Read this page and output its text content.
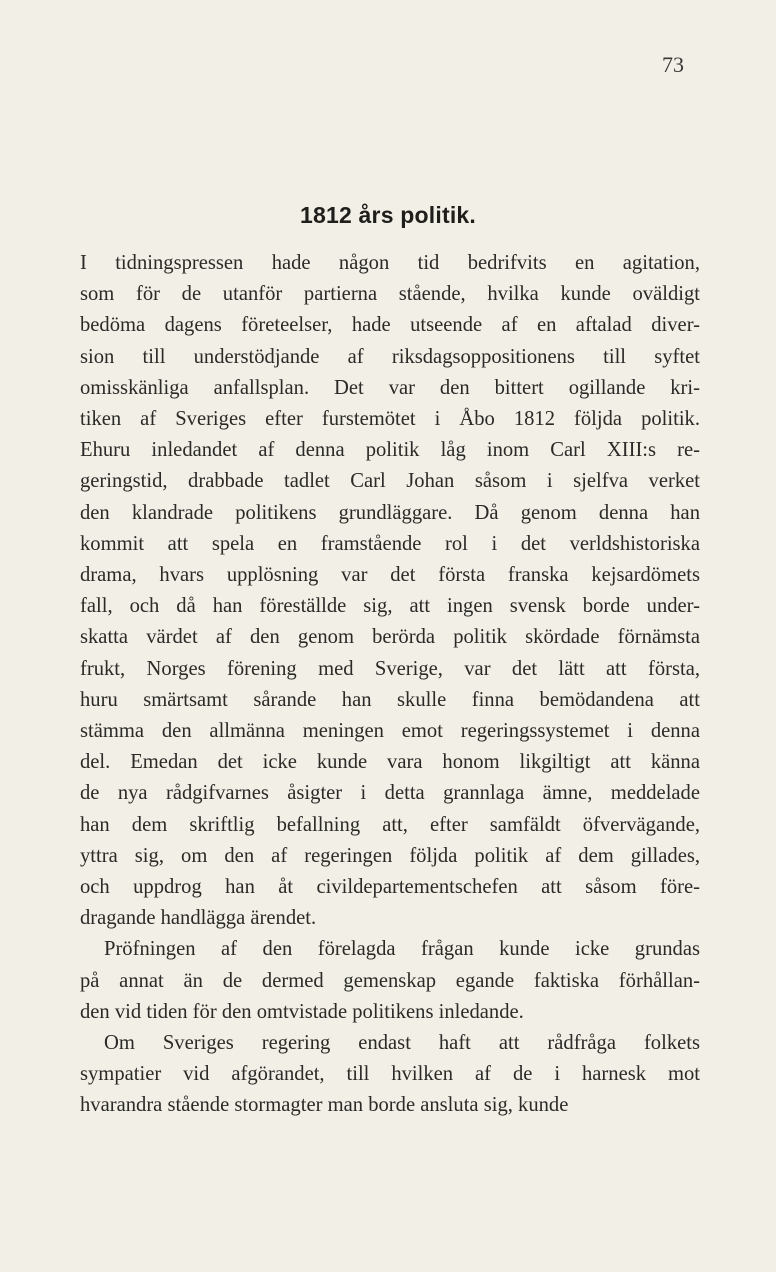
73
1812 års politik.
I tidningspressen hade någon tid bedrifvits en agitation,
som för de utanför partierna stående, hvilka kunde oväldigt
bedöma dagens företeelser, hade utseende af en aftalad diver-
sion till understödjande af riksdagsoppositionens till syftet
omisskänliga anfallsplan. Det var den bittert ogillande kri-
tiken af Sveriges efter furstemötet i Åbo 1812 följda politik.
Ehuru inledandet af denna politik låg inom Carl XIII:s re-
geringstid, drabbade tadlet Carl Johan såsom i sjelfva verket
den klandrade politikens grundläggare. Då genom denna han
kommit att spela en framstående rol i det verldshistoriska
drama, hvars upplösning var det första franska kejsardömets
fall, och då han föreställde sig, att ingen svensk borde under-
skatta värdet af den genom berörda politik skördade förnämsta
frukt, Norges förening med Sverige, var det lätt att första,
huru smärtsamt sårande han skulle finna bemödandena att
stämma den allmänna meningen emot regeringssystemet i denna
del. Emedan det icke kunde vara honom likgiltigt att känna
de nya rådgifvarnes åsigter i detta grannlaga ämne, meddelade
han dem skriftlig befallning att, efter samfäldt öfvervägande,
yttra sig, om den af regeringen följda politik af dem gillades,
och uppdrog han åt civildepartementschefen att såsom före-
dragande handlägga ärendet.
Pröfningen af den förelagda frågan kunde icke grundas
på annat än de dermed gemenskap egande faktiska förhållan-
den vid tiden för den omtvistade politikens inledande.
Om Sveriges regering endast haft att rådfråga folkets
sympatier vid afgörandet, till hvilken af de i harnesk mot
hvarandra stående stormagter man borde ansluta sig, kunde
